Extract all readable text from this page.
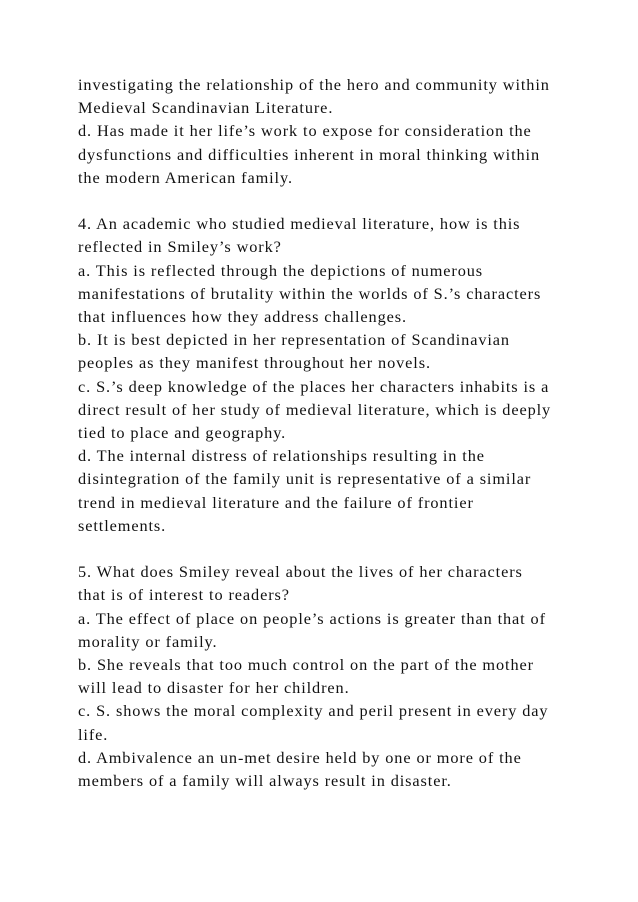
investigating the relationship of the hero and community within
Medieval Scandinavian Literature.
d. Has made it her life’s work to expose for consideration the
dysfunctions and difficulties inherent in moral thinking within
the modern American family.
4. An academic who studied medieval literature, how is this
reflected in Smiley’s work?
a. This is reflected through the depictions of numerous
manifestations of brutality within the worlds of S.’s characters
that influences how they address challenges.
b. It is best depicted in her representation of Scandinavian
peoples as they manifest throughout her novels.
c. S.’s deep knowledge of the places her characters inhabits is a
direct result of her study of medieval literature, which is deeply
tied to place and geography.
d. The internal distress of relationships resulting in the
disintegration of the family unit is representative of a similar
trend in medieval literature and the failure of frontier
settlements.
5. What does Smiley reveal about the lives of her characters
that is of interest to readers?
a. The effect of place on people’s actions is greater than that of
morality or family.
b. She reveals that too much control on the part of the mother
will lead to disaster for her children.
c. S. shows the moral complexity and peril present in every day
life.
d. Ambivalence an un-met desire held by one or more of the
members of a family will always result in disaster.
